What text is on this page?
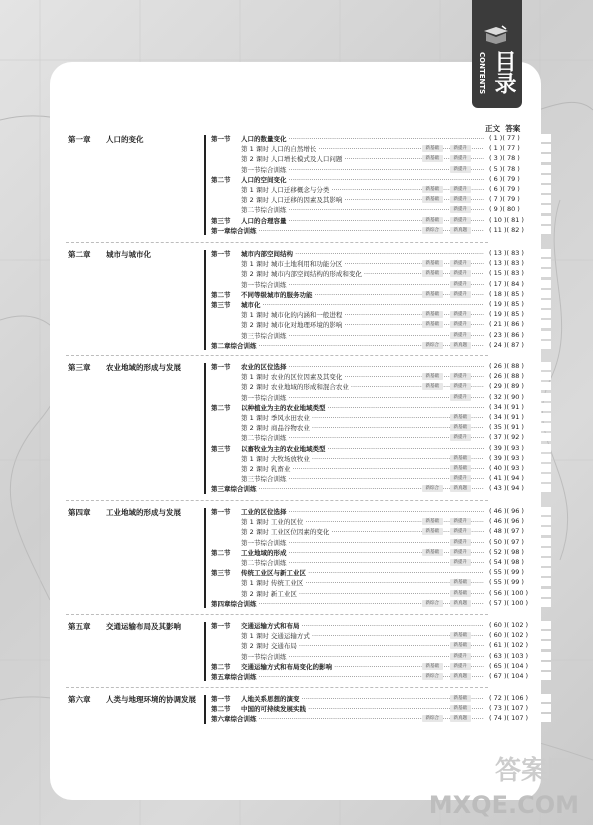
CONTENTS 目录
正文 答案
第一章 人口的变化	第一节 人口的数量变化 ·····	( 1 )( 77 )
第 1 课时 人口的自然增长 ·····	新基础	新提升	( 1 )( 77 )
第 2 课时 人口增长模式及人口问题 ·····	新基础	新提升	( 3 )( 78 )
第一节综合训练 ·····	新提升	( 5 )( 78 )
第二节 人口的空间变化 ·····	( 6 )( 79 )
第 1 课时 人口迁移概念与分类 ·····	新基础	新提升	( 6 )( 79 )
第 2 课时 人口迁移的因素及其影响 ·····	新基础	新提升	( 7 )( 79 )
第二节综合训练 ·····	新提升	( 9 )( 80 )
第三节 人口的合理容量 ·····	新基础	新提升	( 10 )( 81 )
第一章综合训练 ·····	新综合	新真题	( 11 )( 82 )
第二章 城市与城市化	第一节 城市内部空间结构 ·····	( 13 )( 83 )
第 1 课时 城市土地利用和功能分区 ·····	新基础	新提升	( 13 )( 83 )
第 2 课时 城市内部空间结构的形成和变化 ·····	新基础	新提升	( 15 )( 83 )
第一节综合训练 ·····	新提升	( 17 )( 84 )
第二节 不同等级城市的服务功能 ·····	新基础	新提升	( 18 )( 85 )
第三节 城市化 ·····	( 19 )( 85 )
第 1 课时 城市化的内涵和一般进程 ·····	新基础	新提升	( 19 )( 85 )
第 2 课时 城市化对地理环境的影响 ·····	新基础	新提升	( 21 )( 86 )
第三节综合训练 ·····	新提升	( 23 )( 86 )
第二章综合训练 ·····	新综合	新真题	( 24 )( 87 )
第三章 农业地域的形成与发展	第一节 农业的区位选择 ·····	( 26 )( 88 )
第 1 课时 农业的区位因素及其变化 ·····	新基础	新提升	( 26 )( 88 )
第 2 课时 农业地域的形成和混合农业 ·····	新基础	新提升	( 29 )( 89 )
第一节综合训练 ·····	新提升	( 32 )( 90 )
第二节 以种植业为主的农业地域类型 ·····	( 34 )( 91 )
第 1 课时 季风水田农业 ·····	新基础	( 34 )( 91 )
第 2 课时 商品谷物农业 ·····	新基础	( 35 )( 91 )
第二节综合训练 ·····	新提升	( 37 )( 92 )
第三节 以畜牧业为主的农业地域类型 ·····	( 39 )( 93 )
第 1 课时 大牧场放牧业 ·····	新基础	( 39 )( 93 )
第 2 课时 乳畜业 ·····	新基础	( 40 )( 93 )
第三节综合训练 ·····	新提升	( 41 )( 94 )
第三章综合训练 ·····	新综合	新真题	( 43 )( 94 )
第四章 工业地域的形成与发展	第一节 工业的区位选择 ·····	( 46 )( 96 )
第 1 课时 工业的区位 ·····	新基础	新提升	( 46 )( 96 )
第 2 课时 工业区位因素的变化 ·····	新基础	新提升	( 48 )( 97 )
第一节综合训练 ·····	新提升	( 50 )( 97 )
第二节 工业地域的形成 ·····	新基础	新提升	( 52 )( 98 )
第二节综合训练 ·····	新提升	( 54 )( 98 )
第三节 传统工业区与新工业区 ·····	( 55 )( 99 )
第 1 课时 传统工业区 ·····	新基础	( 55 )( 99 )
第 2 课时 新工业区 ·····	新基础	( 56 )( 100 )
第四章综合训练 ·····	新综合	新真题	( 57 )( 100 )
第五章 交通运输布局及其影响	第一节 交通运输方式和布局 ·····	( 60 )( 102 )
第 1 课时 交通运输方式 ·····	新基础	( 60 )( 102 )
第 2 课时 交通布局 ·····	新基础	( 61 )( 102 )
第一节综合训练 ·····	新提升	( 63 )( 103 )
第二节 交通运输方式和布局变化的影响 ·····	新基础	新提升	( 65 )( 104 )
第五章综合训练 ·····	新综合	新真题	( 67 )( 104 )
第六章 人类与地理环境的协调发展	第一节 人地关系思想的演变 ·····	新基础	( 72 )( 106 )
第二节 中国的可持续发展实践 ·····	新基础	( 73 )( 107 )
第六章综合训练 ·····	新综合	新真题	( 74 )( 107 )
答案圈
MXQE.COM
